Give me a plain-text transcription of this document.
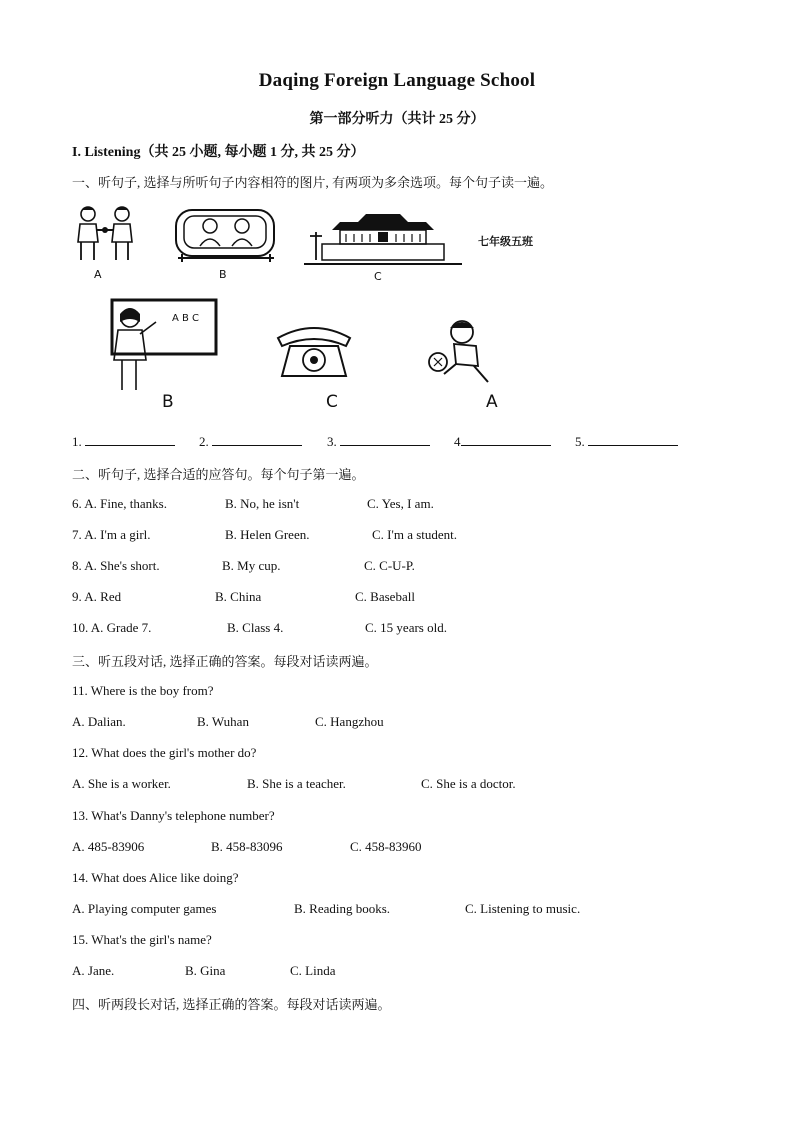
Daqing Foreign Language School
第一部分听力（共计 25 分）
I. Listening（共 25 小题, 每小题 1 分, 共 25 分）
一、听句子, 选择与所听句子内容相符的图片, 有两项为多余选项。每个句子读一遍。
A	B	C
七年级五班
A B C
B	C	A
1.	2.	3.	4	5.
二、听句子, 选择合适的应答句。每个句子第一遍。
6. A. Fine, thanks.	B. No, he isn't	C. Yes, I am.
7. A. I'm a girl.	B. Helen Green.	C. I'm a student.
8. A. She's short.	B. My cup.	C. C-U-P.
9. A. Red	B. China	C. Baseball
10. A. Grade 7.	B. Class 4.	C. 15 years old.
三、听五段对话, 选择正确的答案。每段对话读两遍。
11. Where is the boy from?
A. Dalian.	B. Wuhan	C. Hangzhou
12. What does the girl's mother do?
A. She is a worker.	B. She is a teacher.	C. She is a doctor.
13. What's Danny's telephone number?
A. 485-83906	B. 458-83096	C. 458-83960
14. What does Alice like doing?
A. Playing computer games	B. Reading books.	C. Listening to music.
15. What's the girl's name?
A. Jane.	B. Gina	C. Linda
四、听两段长对话, 选择正确的答案。每段对话读两遍。
